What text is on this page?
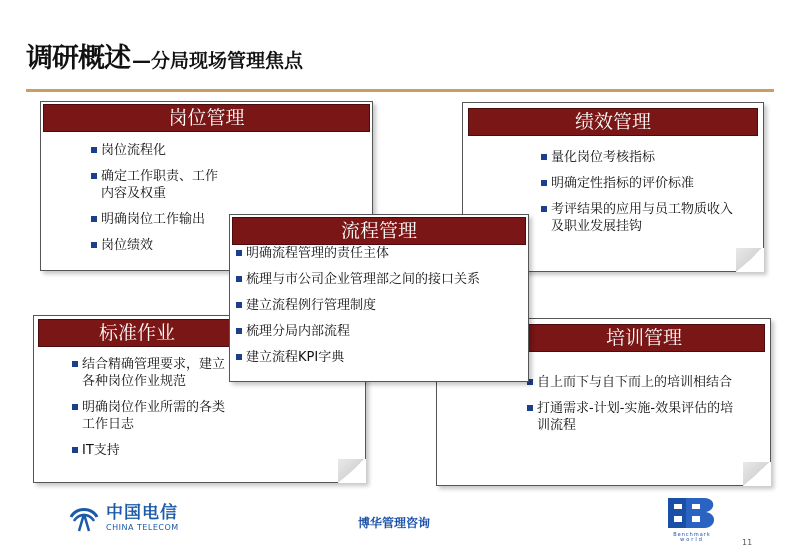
调研概述 —分局现场管理焦点
岗位管理
岗位流程化
确定工作职责、工作内容及权重
明确岗位工作输出
岗位绩效
绩效管理
量化岗位考核指标
明确定性指标的评价标准
考评结果的应用与员工物质收入及职业发展挂钩
标准作业
结合精确管理要求，建立各种岗位作业规范
明确岗位作业所需的各类工作日志
IT支持
培训管理
自上而下与自下而上的培训相结合
打通需求-计划-实施-效果评估的培训流程
流程管理
明确流程管理的责任主体
梳理与市公司企业管理部之间的接口关系
建立流程例行管理制度
梳理分局内部流程
建立流程KPI字典
中国电信
CHINA TELECOM	博华管理咨询
Benchmark
world	11
